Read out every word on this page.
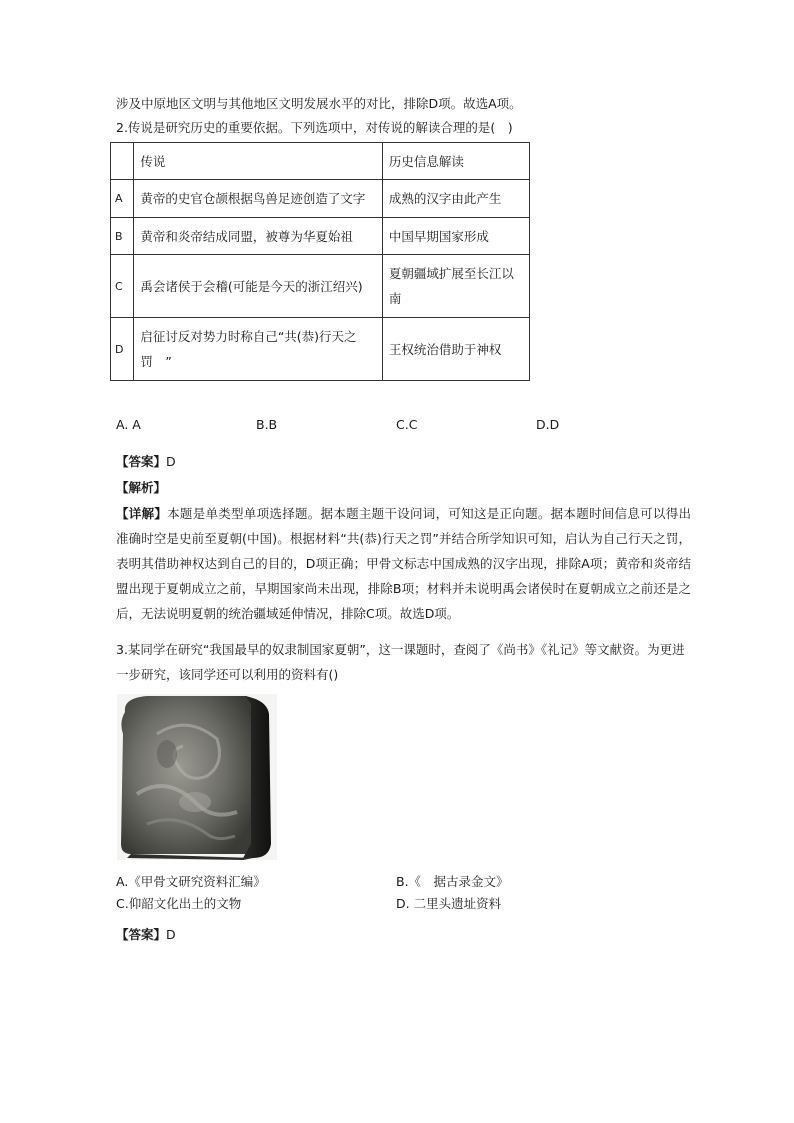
涉及中原地区文明与其他地区文明发展水平的对比，排除D项。故选A项。
2.传说是研究历史的重要依据。下列选项中，对传说的解读合理的是(　)
	传说	历史信息解读
A	黄帝的史官仓颉根据鸟兽足迹创造了文字	成熟的汉字由此产生
B	黄帝和炎帝结成同盟，被尊为华夏始祖	中国早期国家形成
C	禹会诸侯于会稽(可能是今天的浙江绍兴)	夏朝疆域扩展至长江以南
D	启征讨反对势力时称自己“共(恭)行天之罚　”	王权统治借助于神权
A. A	B.B	C.C	D.D
【答案】D
【解析】
【详解】本题是单类型单项选择题。据本题主题干设问词，可知这是正向题。据本题时间信息可以得出准确时空是史前至夏朝(中国)。根据材料“共(恭)行天之罚”并结合所学知识可知，启认为自己行天之罚，表明其借助神权达到自己的目的，D项正确；甲骨文标志中国成熟的汉字出现，排除A项；黄帝和炎帝结盟出现于夏朝成立之前，早期国家尚未出现，排除B项；材料并未说明禹会诸侯时在夏朝成立之前还是之后，无法说明夏朝的统治疆域延伸情况，排除C项。故选D项。
3.某同学在研究“我国最早的奴隶制国家夏朝”，这一课题时，查阅了《尚书》《礼记》等文献资。为更进
一步研究，该同学还可以利用的资料有()
A.《甲骨文研究资料汇编》	B.《　据古录金文》
C.仰韶文化出土的文物	D. 二里头遗址资料
【答案】D
